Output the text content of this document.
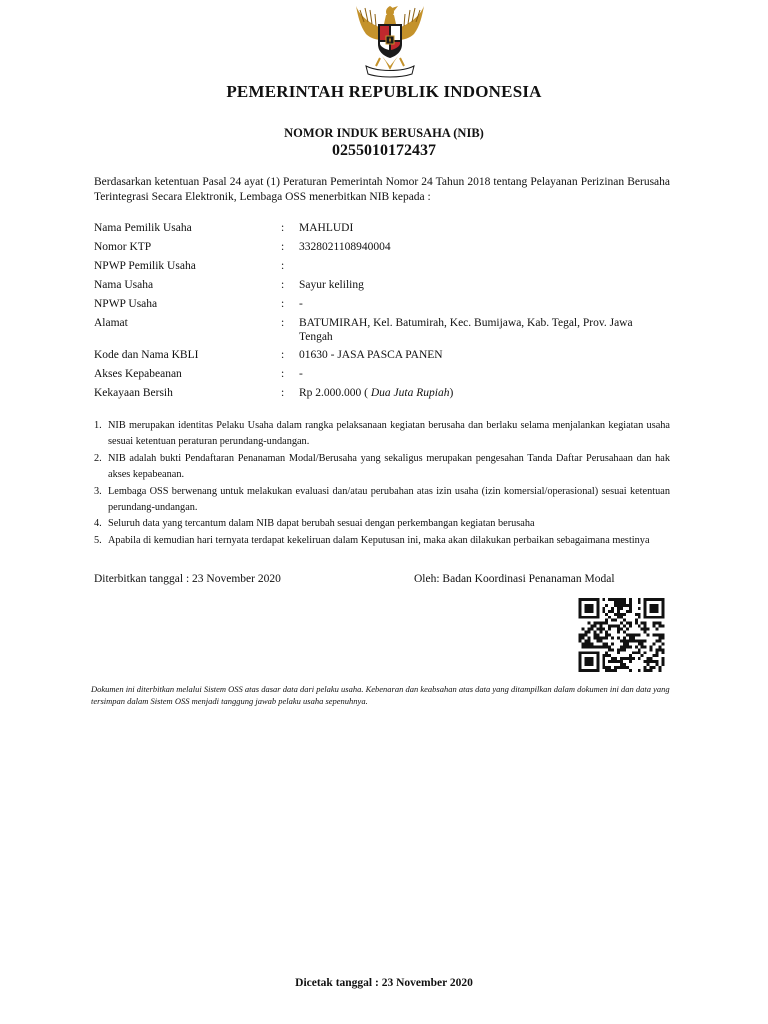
PEMERINTAH REPUBLIK INDONESIA
NOMOR INDUK BERUSAHA (NIB)
0255010172437
Berdasarkan ketentuan Pasal 24 ayat (1) Peraturan Pemerintah Nomor 24 Tahun 2018 tentang Pelayanan Perizinan Berusaha Terintegrasi Secara Elektronik, Lembaga OSS menerbitkan NIB kepada :
Nama Pemilik Usaha	:	MAHLUDI
Nomor KTP	:	3328021108940004
NPWP Pemilik Usaha	:
Nama Usaha	:	Sayur keliling
NPWP Usaha	:	-
Alamat	:	BATUMIRAH, Kel. Batumirah, Kec. Bumijawa, Kab. Tegal, Prov. Jawa Tengah
Kode dan Nama KBLI	:	01630 - JASA PASCA PANEN
Akses Kepabeanan	:	-
Kekayaan Bersih	:	Rp 2.000.000 ( Dua Juta Rupiah)
1. NIB merupakan identitas Pelaku Usaha dalam rangka pelaksanaan kegiatan berusaha dan berlaku selama menjalankan kegiatan usaha sesuai ketentuan peraturan perundang-undangan.
2. NIB adalah bukti Pendaftaran Penanaman Modal/Berusaha yang sekaligus merupakan pengesahan Tanda Daftar Perusahaan dan hak akses kepabeanan.
3. Lembaga OSS berwenang untuk melakukan evaluasi dan/atau perubahan atas izin usaha (izin komersial/operasional) sesuai ketentuan perundang-undangan.
4. Seluruh data yang tercantum dalam NIB dapat berubah sesuai dengan perkembangan kegiatan berusaha
5. Apabila di kemudian hari ternyata terdapat kekeliruan dalam Keputusan ini, maka akan dilakukan perbaikan sebagaimana mestinya
Diterbitkan tanggal : 23 November 2020	Oleh: Badan Koordinasi Penanaman Modal
Dokumen ini diterbitkan melalui Sistem OSS atas dasar data dari pelaku usaha. Kebenaran dan keabsahan atas data yang ditampilkan dalam dokumen ini dan data yang tersimpan dalam Sistem OSS menjadi tanggung jawab pelaku usaha sepenuhnya.
Dicetak tanggal : 23 November 2020
